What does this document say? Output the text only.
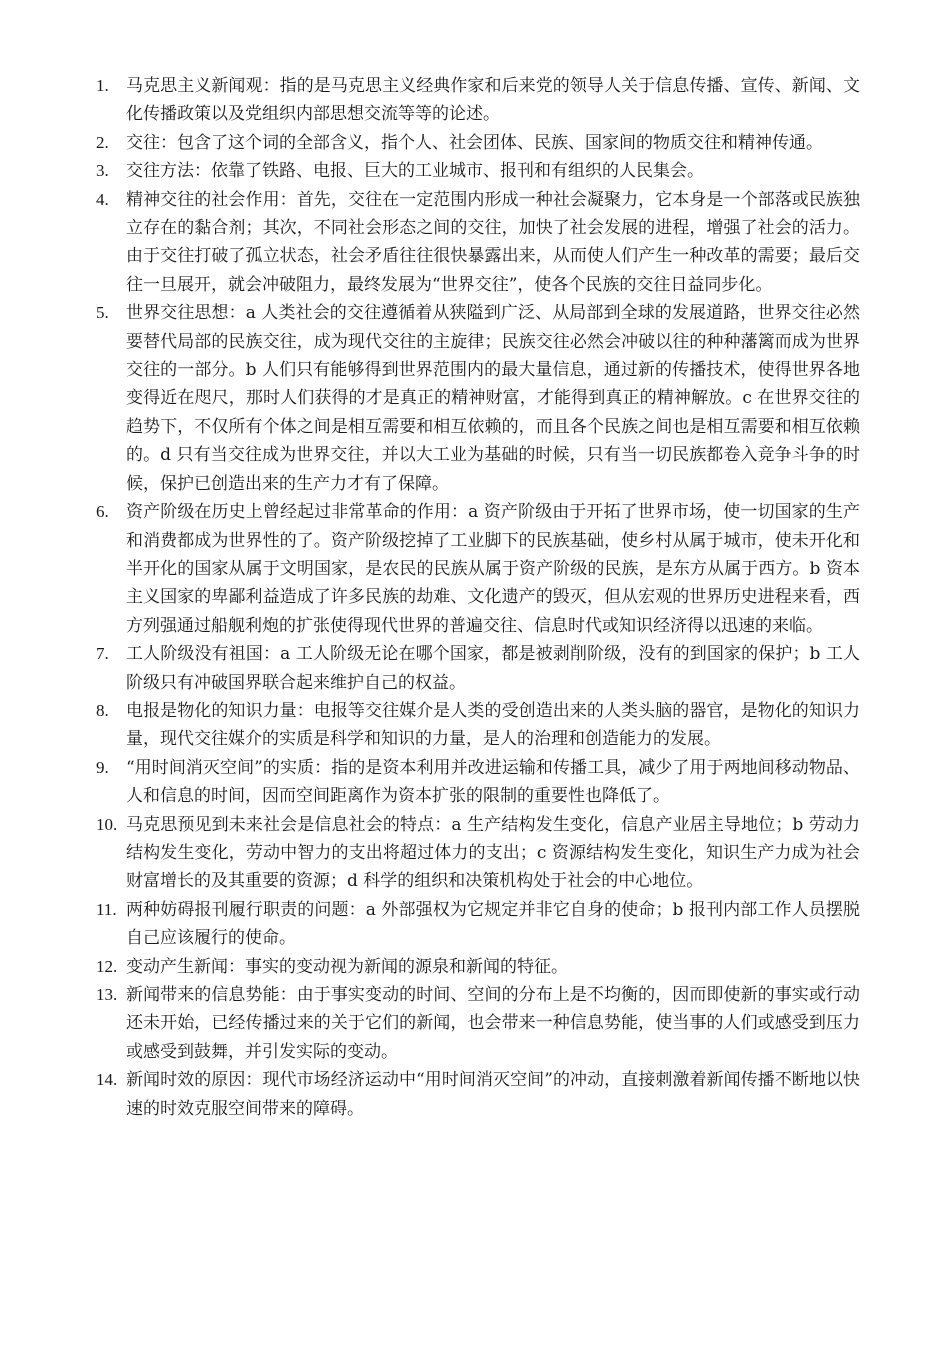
1.	马克思主义新闻观：指的是马克思主义经典作家和后来党的领导人关于信息传播、宣传、新闻、文化传播政策以及党组织内部思想交流等等的论述。
2.	交往：包含了这个词的全部含义，指个人、社会团体、民族、国家间的物质交往和精神传通。
3.	交往方法：依靠了铁路、电报、巨大的工业城市、报刊和有组织的人民集会。
4.	精神交往的社会作用：首先，交往在一定范围内形成一种社会凝聚力，它本身是一个部落或民族独立存在的黏合剂；其次，不同社会形态之间的交往，加快了社会发展的进程，增强了社会的活力。由于交往打破了孤立状态，社会矛盾往往很快暴露出来，从而使人们产生一种改革的需要；最后交往一旦展开，就会冲破阻力，最终发展为“世界交往”，使各个民族的交往日益同步化。
5.	世界交往思想：a 人类社会的交往遵循着从狭隘到广泛、从局部到全球的发展道路，世界交往必然要替代局部的民族交往，成为现代交往的主旋律；民族交往必然会冲破以往的种种藩篱而成为世界交往的一部分。b 人们只有能够得到世界范围内的最大量信息，通过新的传播技术，使得世界各地变得近在咫尺，那时人们获得的才是真正的精神财富，才能得到真正的精神解放。c 在世界交往的趋势下，不仅所有个体之间是相互需要和相互依赖的，而且各个民族之间也是相互需要和相互依赖的。d 只有当交往成为世界交往，并以大工业为基础的时候，只有当一切民族都卷入竞争斗争的时候，保护已创造出来的生产力才有了保障。
6.	资产阶级在历史上曾经起过非常革命的作用：a 资产阶级由于开拓了世界市场，使一切国家的生产和消费都成为世界性的了。资产阶级挖掉了工业脚下的民族基础，使乡村从属于城市，使未开化和半开化的国家从属于文明国家，是农民的民族从属于资产阶级的民族，是东方从属于西方。b 资本主义国家的卑鄙利益造成了许多民族的劫难、文化遗产的毁灭，但从宏观的世界历史进程来看，西方列强通过船舰利炮的扩张使得现代世界的普遍交往、信息时代或知识经济得以迅速的来临。
7.	工人阶级没有祖国：a 工人阶级无论在哪个国家，都是被剥削阶级，没有的到国家的保护；b 工人阶级只有冲破国界联合起来维护自己的权益。
8.	电报是物化的知识力量：电报等交往媒介是人类的受创造出来的人类头脑的器官，是物化的知识力量，现代交往媒介的实质是科学和知识的力量，是人的治理和创造能力的发展。
9.	“用时间消灭空间”的实质：指的是资本利用并改进运输和传播工具，减少了用于两地间移动物品、人和信息的时间，因而空间距离作为资本扩张的限制的重要性也降低了。
10. 马克思预见到未来社会是信息社会的特点：a 生产结构发生变化，信息产业居主导地位；b 劳动力结构发生变化，劳动中智力的支出将超过体力的支出；c 资源结构发生变化，知识生产力成为社会财富增长的及其重要的资源；d 科学的组织和决策机构处于社会的中心地位。
11. 两种妨碍报刊履行职责的问题：a 外部强权为它规定并非它自身的使命；b 报刊内部工作人员摆脱自己应该履行的使命。
12. 变动产生新闻：事实的变动视为新闻的源泉和新闻的特征。
13. 新闻带来的信息势能：由于事实变动的时间、空间的分布上是不均衡的，因而即使新的事实或行动还未开始，已经传播过来的关于它们的新闻，也会带来一种信息势能，使当事的人们或感受到压力或感受到鼓舞，并引发实际的变动。
14. 新闻时效的原因：现代市场经济运动中“用时间消灭空间”的冲动，直接刺激着新闻传播不断地以快速的时效克服空间带来的障碍。
